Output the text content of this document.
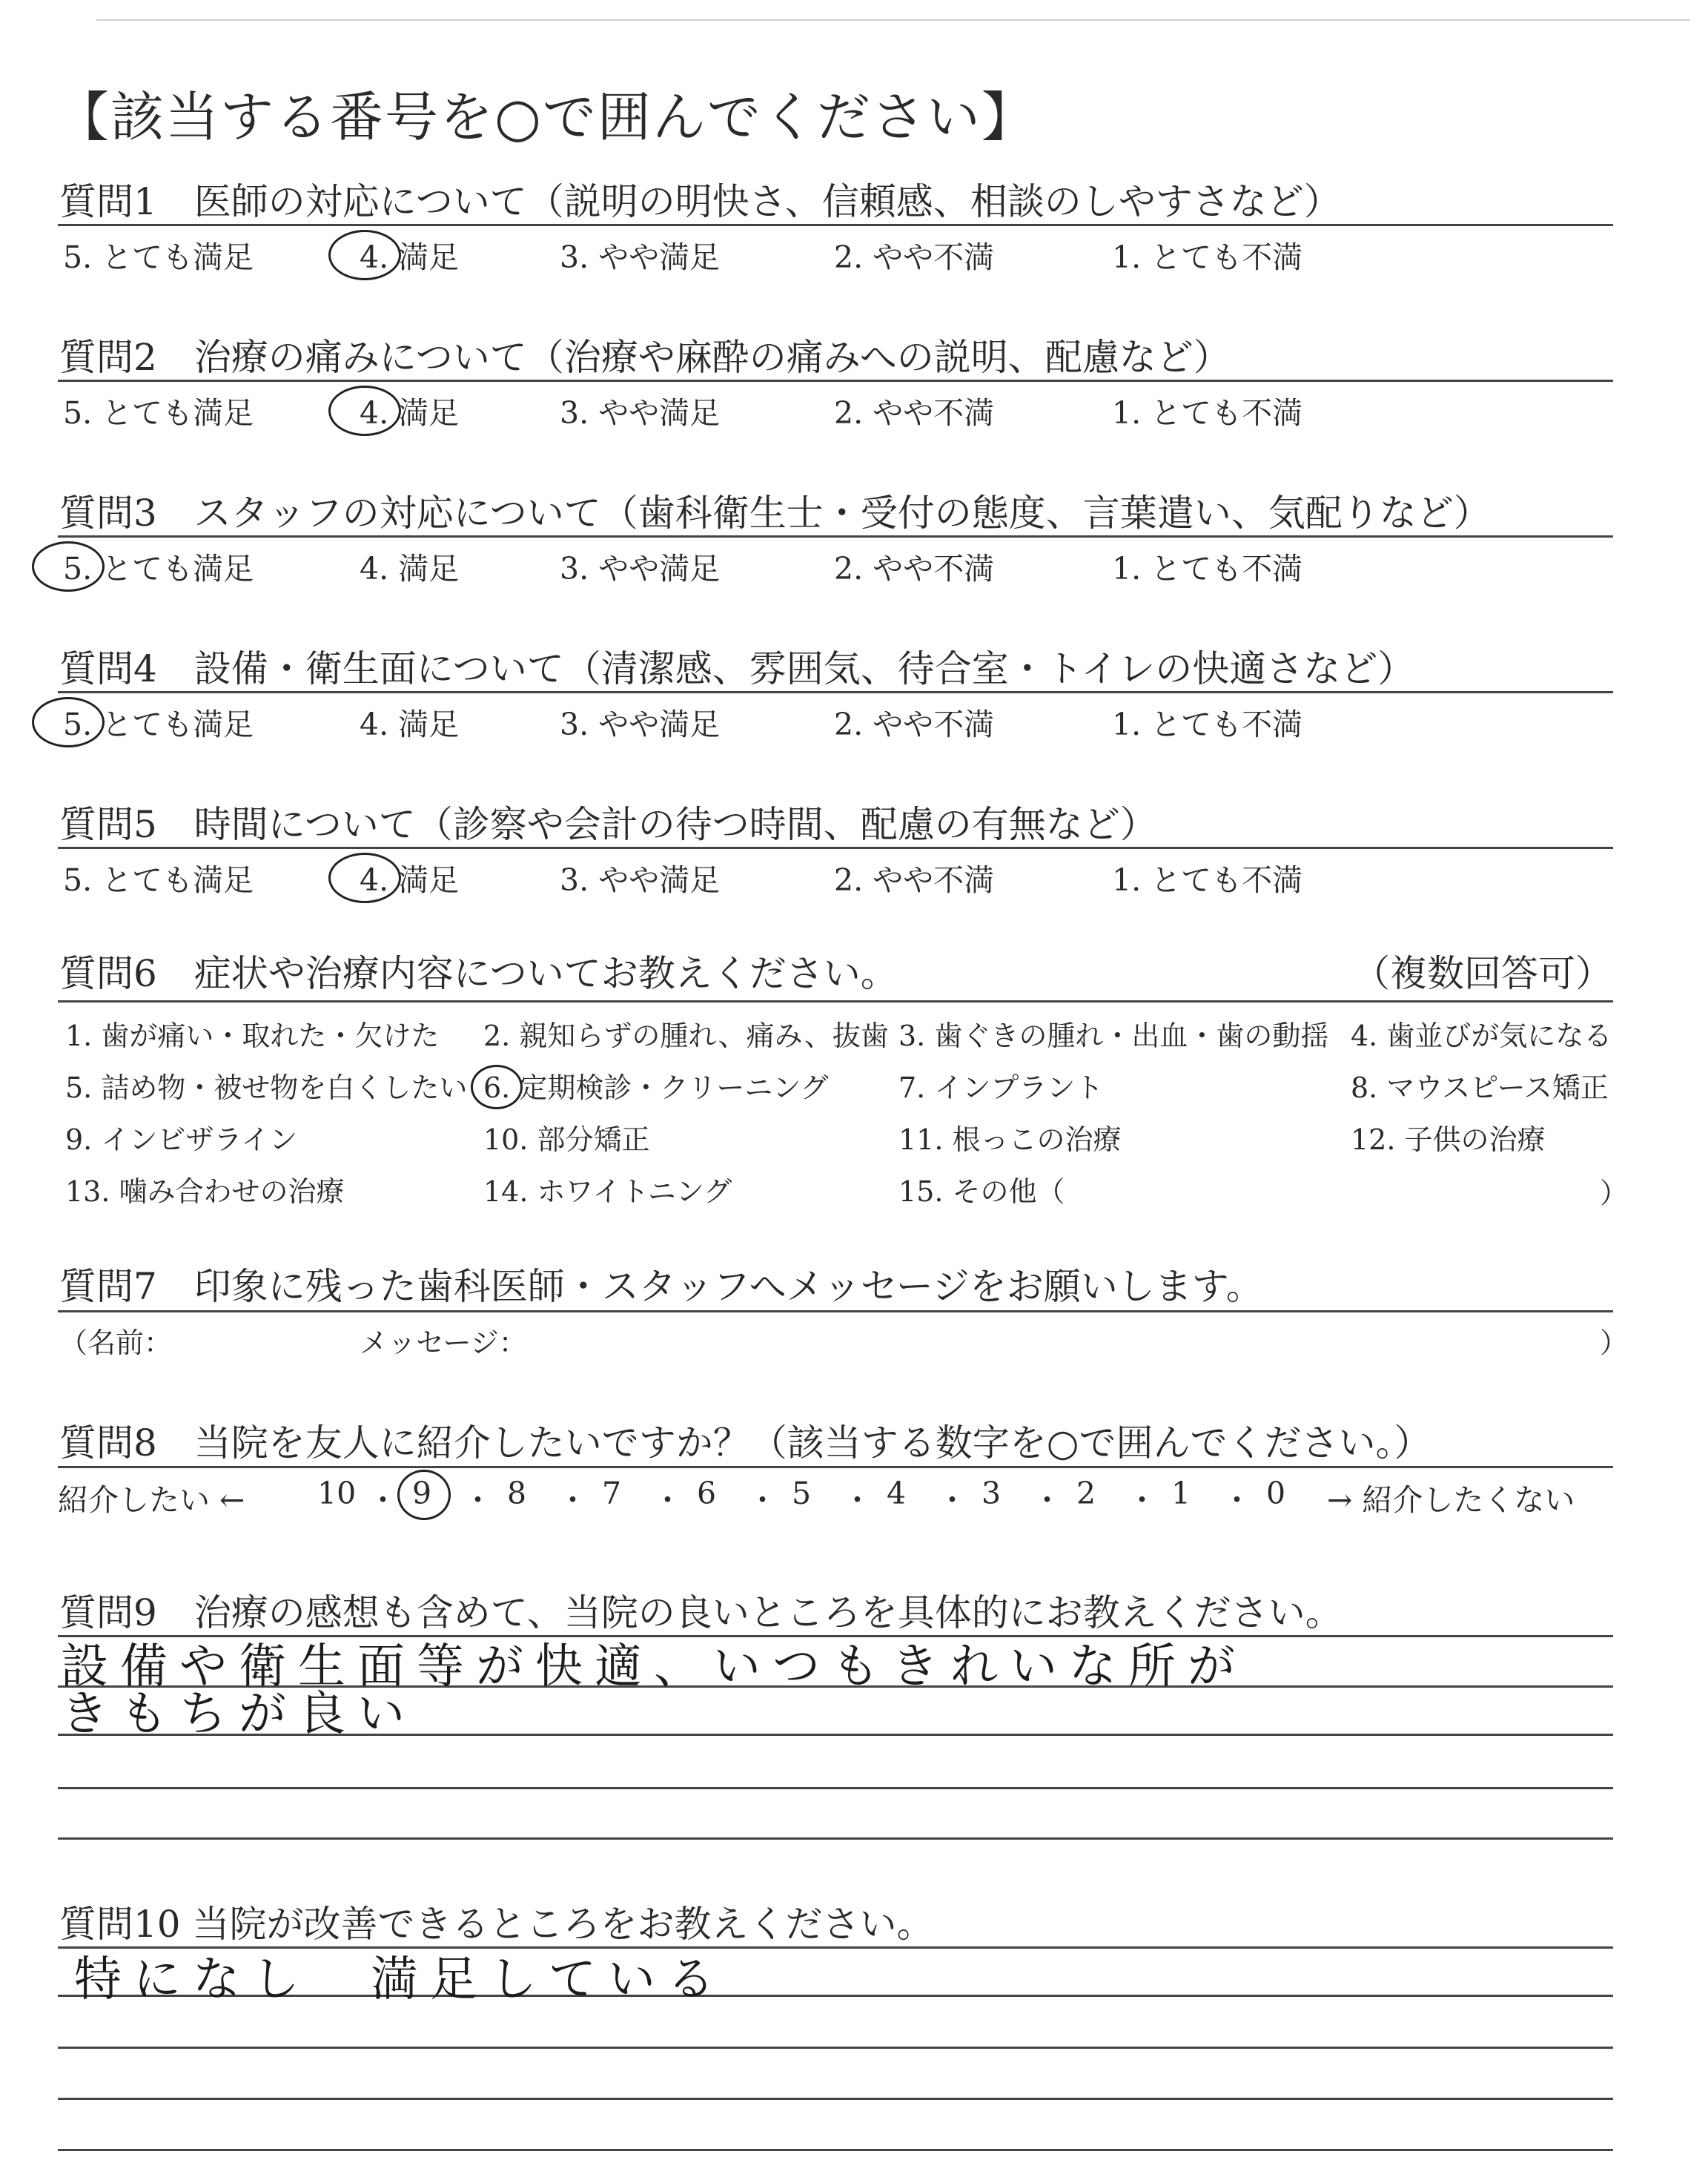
【該当する番号を○で囲んでください】
質問1　医師の対応について（説明の明快さ、信頼感、相談のしやすさなど）
5. とても満足	4. 満足	3. やや満足	2. やや不満	1. とても不満
質問2　治療の痛みについて（治療や麻酔の痛みへの説明、配慮など）
5. とても満足	4. 満足	3. やや満足	2. やや不満	1. とても不満
質問3　スタッフの対応について（歯科衛生士・受付の態度、言葉遣い、気配りなど）
5. とても満足	4. 満足	3. やや満足	2. やや不満	1. とても不満
質問4　設備・衛生面について（清潔感、雰囲気、待合室・トイレの快適さなど）
5. とても満足	4. 満足	3. やや満足	2. やや不満	1. とても不満
質問5　時間について（診察や会計の待つ時間、配慮の有無など）
5. とても満足	4. 満足	3. やや満足	2. やや不満	1. とても不満
質問6　症状や治療内容についてお教えください。	（複数回答可）
1. 歯が痛い・取れた・欠けた 2. 親知らずの腫れ、痛み、抜歯 3. 歯ぐきの腫れ・出血・歯の動揺 4. 歯並びが気になる
5. 詰め物・被せ物を白くしたい 6. 定期検診・クリーニング 7. インプラント	8. マウスピース矯正
9. インビザライン	10. 部分矯正	11. 根っこの治療	12. 子供の治療
13. 噛み合わせの治療	14. ホワイトニング	15. その他（	）
質問7　印象に残った歯科医師・スタッフへメッセージをお願いします。
（名前：	メッセージ：	）
質問8　当院を友人に紹介したいですか？（該当する数字を○で囲んでください。）
紹介したい ← 10 ・ 9 ・ 8 ・ 7 ・ 6 ・ 5 ・ 4 ・ 3 ・ 2 ・ 1 ・ 0 → 紹介したくない
質問9　治療の感想も含めて、当院の良いところを具体的にお教えください。
設備や衛生面等が快適、いつもきれいな所が
きもちが良い
質問10 当院が改善できるところをお教えください。
特になし　満足している
